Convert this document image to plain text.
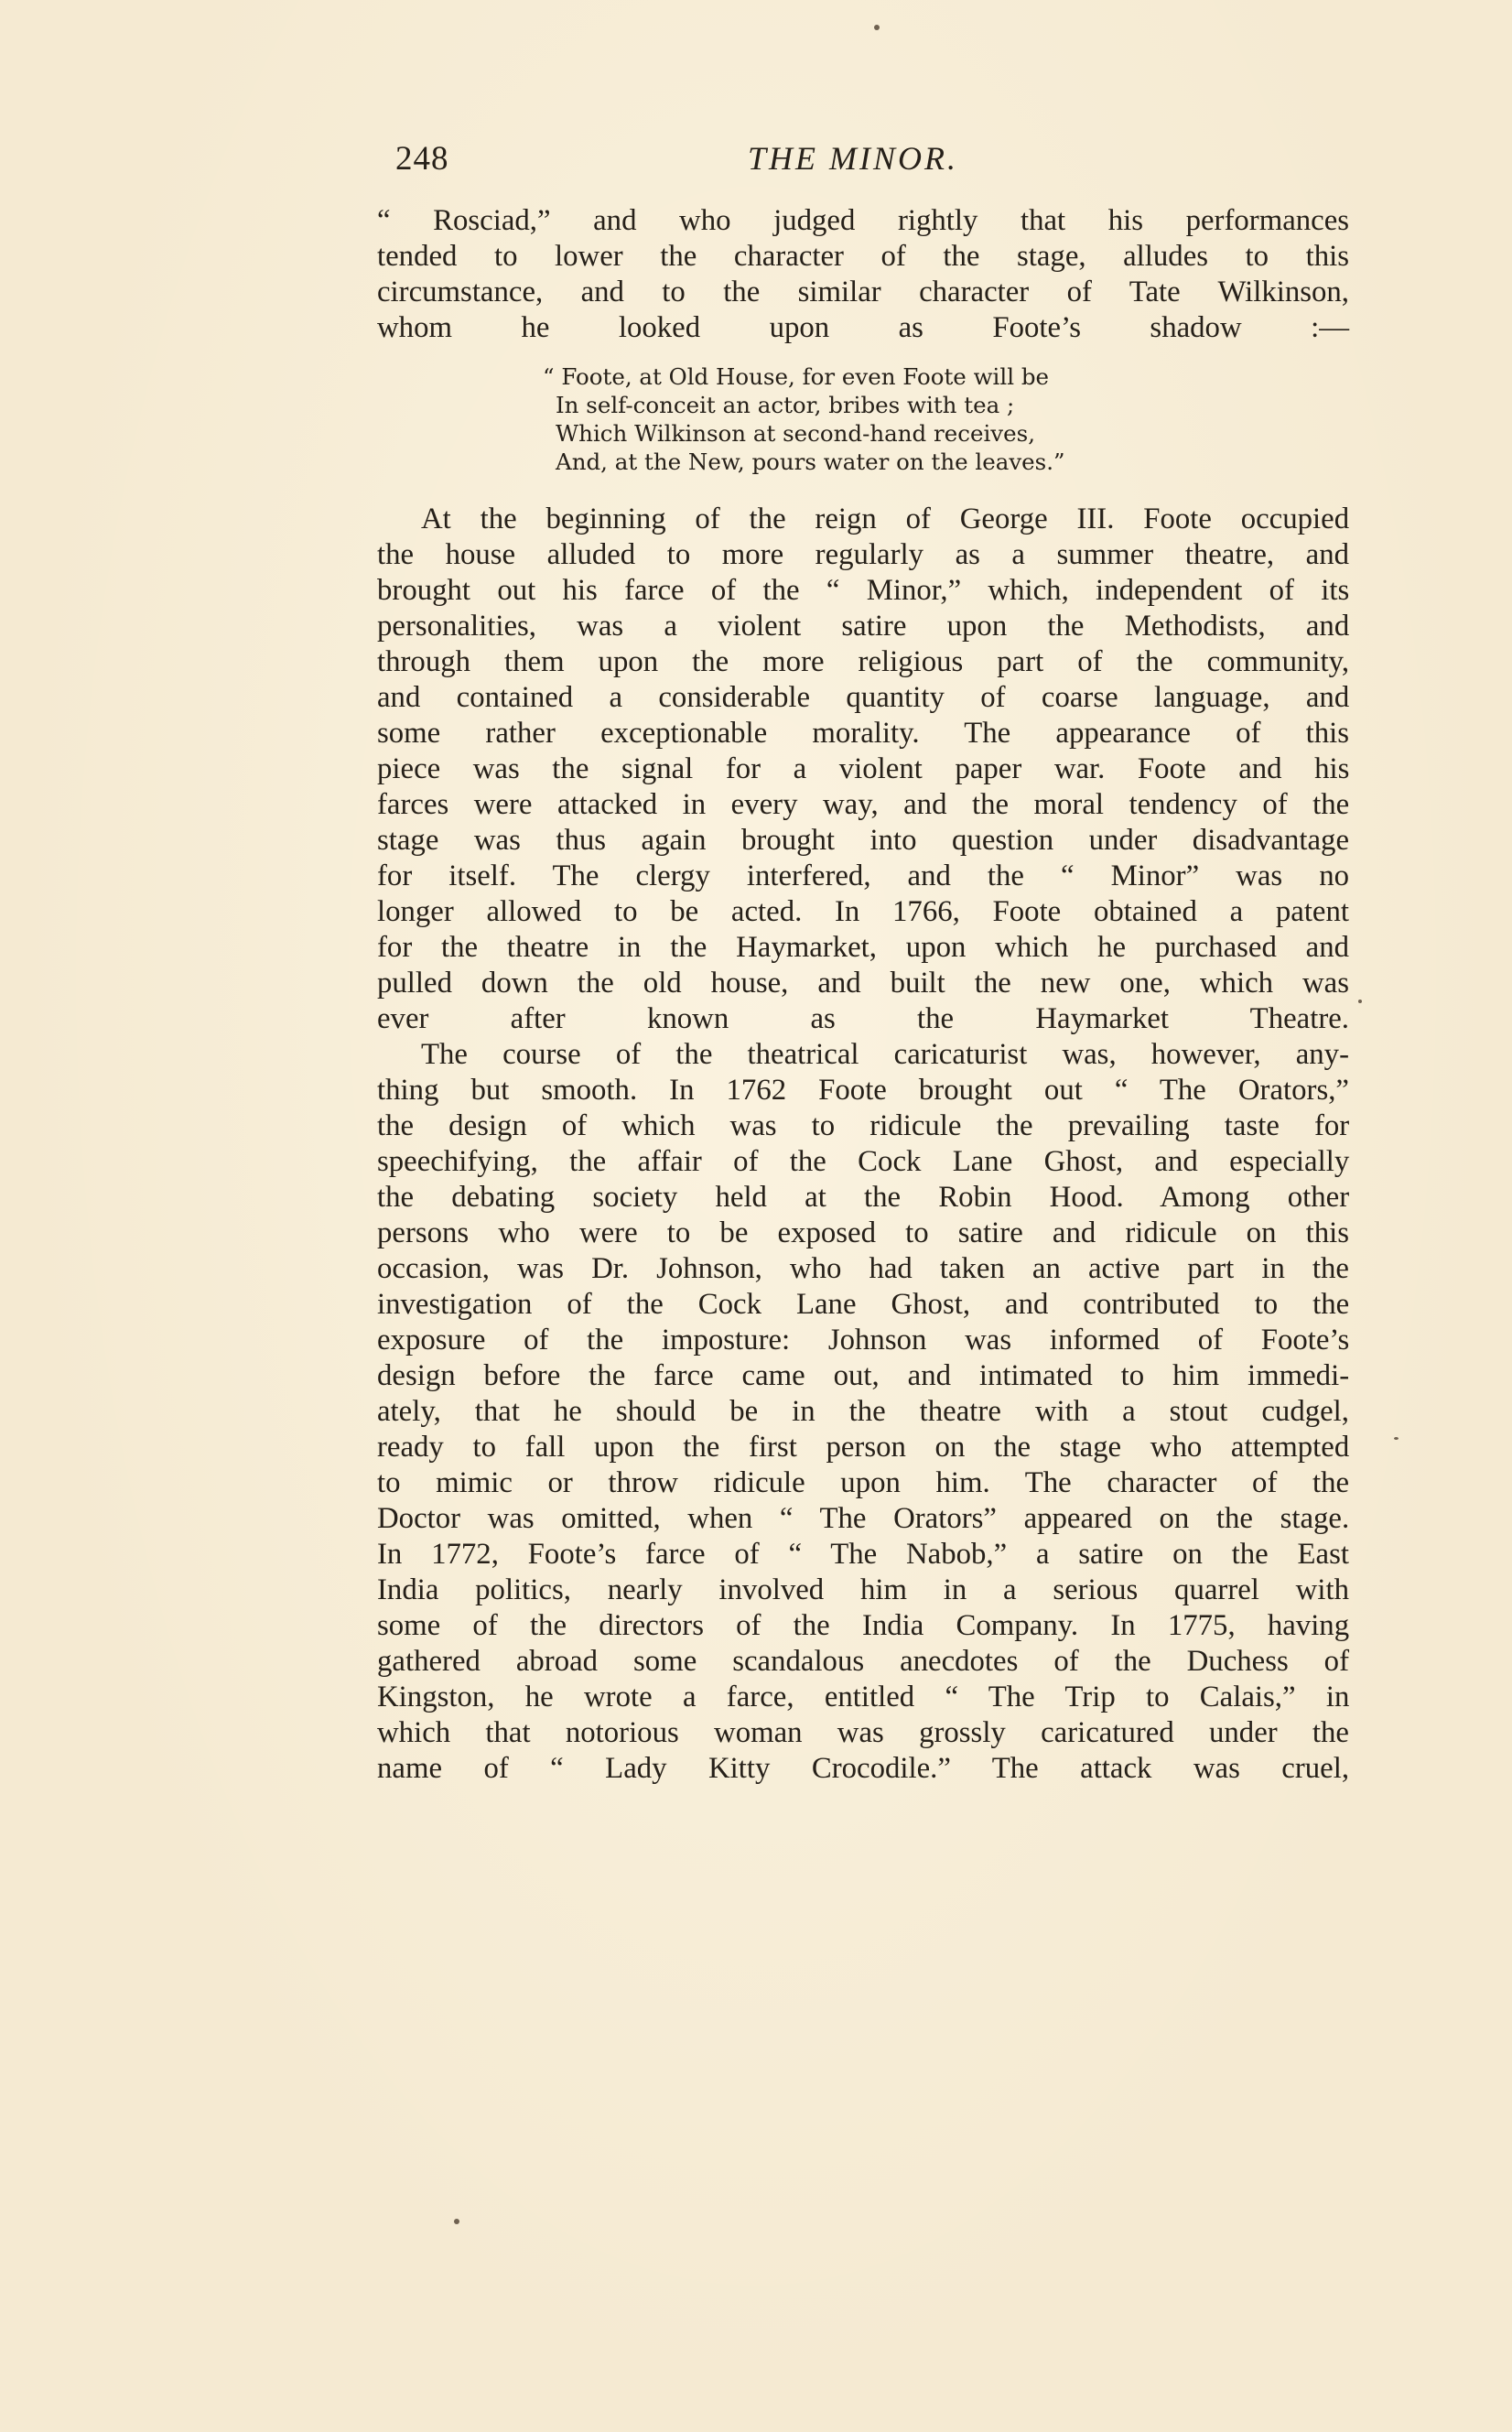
248	THE MINOR.

“ Rosciad,” and who judged rightly that his performances
tended to lower the character of the stage, alludes to this
circumstance, and to the similar character of Tate Wilkinson,
whom he looked upon as Foote’s shadow :—

“ Foote, at Old House, for even Foote will be
In self-conceit an actor, bribes with tea ;
Which Wilkinson at second-hand receives,
And, at the New, pours water on the leaves.”

At the beginning of the reign of George III. Foote occupied
the house alluded to more regularly as a summer theatre, and
brought out his farce of the “ Minor,” which, independent of its
personalities, was a violent satire upon the Methodists, and
through them upon the more religious part of the community,
and contained a considerable quantity of coarse language, and
some rather exceptionable morality. The appearance of this
piece was the signal for a violent paper war. Foote and his
farces were attacked in every way, and the moral tendency of the
stage was thus again brought into question under disadvantage
for itself. The clergy interfered, and the “ Minor” was no
longer allowed to be acted. In 1766, Foote obtained a patent
for the theatre in the Haymarket, upon which he purchased and
pulled down the old house, and built the new one, which was
ever after known as the Haymarket Theatre.

The course of the theatrical caricaturist was, however, any-
thing but smooth. In 1762 Foote brought out “ The Orators,”
the design of which was to ridicule the prevailing taste for
speechifying, the affair of the Cock Lane Ghost, and especially
the debating society held at the Robin Hood. Among other
persons who were to be exposed to satire and ridicule on this
occasion, was Dr. Johnson, who had taken an active part in the
investigation of the Cock Lane Ghost, and contributed to the
exposure of the imposture: Johnson was informed of Foote’s
design before the farce came out, and intimated to him immedi-
ately, that he should be in the theatre with a stout cudgel,
ready to fall upon the first person on the stage who attempted
to mimic or throw ridicule upon him. The character of the
Doctor was omitted, when “ The Orators” appeared on the stage.
In 1772, Foote’s farce of “ The Nabob,” a satire on the East
India politics, nearly involved him in a serious quarrel with
some of the directors of the India Company. In 1775, having
gathered abroad some scandalous anecdotes of the Duchess of
Kingston, he wrote a farce, entitled “ The Trip to Calais,” in
which that notorious woman was grossly caricatured under the
name of “ Lady Kitty Crocodile.” The attack was cruel,
